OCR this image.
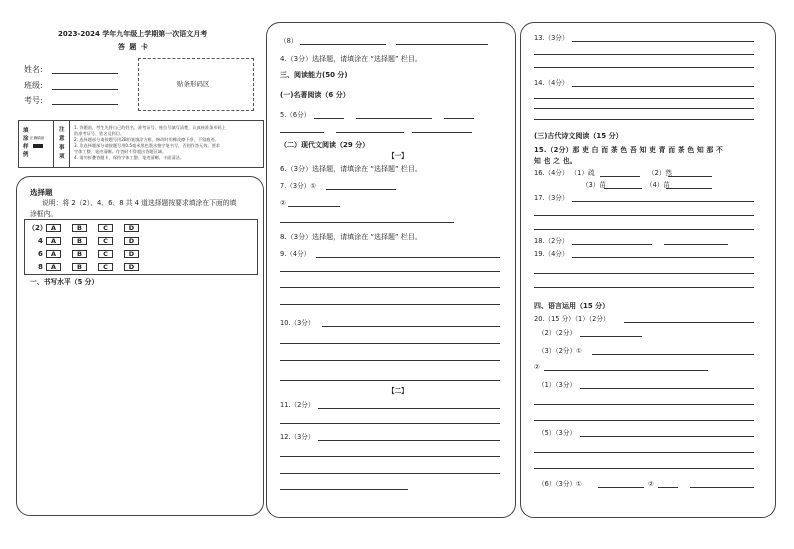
2023-2024 学年九年级上学期第一次语文月考
答 题 卡
姓名:
班级:
考号:
贴条形码区
填
涂
样
例
正确填涂
注
意
事
项
1. 答题前，考生先将自己的姓名、准考证号、座位号填写清楚，认真核准条形码上
的准考证号、姓名及科目。
2. 选择题部分请按题号用2B铅笔填涂方框，修改时用橡皮擦干净，不留痕迹。
3. 非选择题部分请按题号用0.5毫米黑色墨水签字笔书写，否则作答无效。要求
字体工整、笔迹清晰。作答时不得超出答题区域。
4. 请勿折叠答题卡，保持字体工整、笔迹清晰、卡面清洁。
选择题
说明：将 2（2）、4、6、8 共 4 道选择题按要求填涂在下面的填
涂框内。
（2） A	B	C	D
4	A	B	C	D
6	A	B	C	D
8	A	B	C	D
一、书写水平（5 分）
（8）
4.（3分）选择题，请填涂在 “选择题” 栏目。
三、阅读能力(50 分)
(一)名著阅读（6 分）
5.（6分）
（二）现代文阅读（29 分）
【一】
6.（3分）选择题，请填涂在 “选择题” 栏目。
7.（3分）①
②
8.（3分）选择题，请填涂在 “选择题” 栏目。
9.（4分）
10.（3分）
【二】
11.（2分）
12.（3分）
13.（3分）
14.（4分）
(三)古代诗文阅读（15 分）
15.（2分）那 吏 白 而 茶 色 吾 知 吏 青 而 茶 色 知 那 不
知 也 之 也。
16.（4分） （1）疏	（2）然
（3）苗	（4）苗
17.（3分）
18.（2分）
19.（4分）
四、语言运用（15 分）
20.（15 分）（1）（2分）
（2）（2分）
（3）（2分）①
②
（1）（3分）
（5）（3分）
（6）（3分）①	②
